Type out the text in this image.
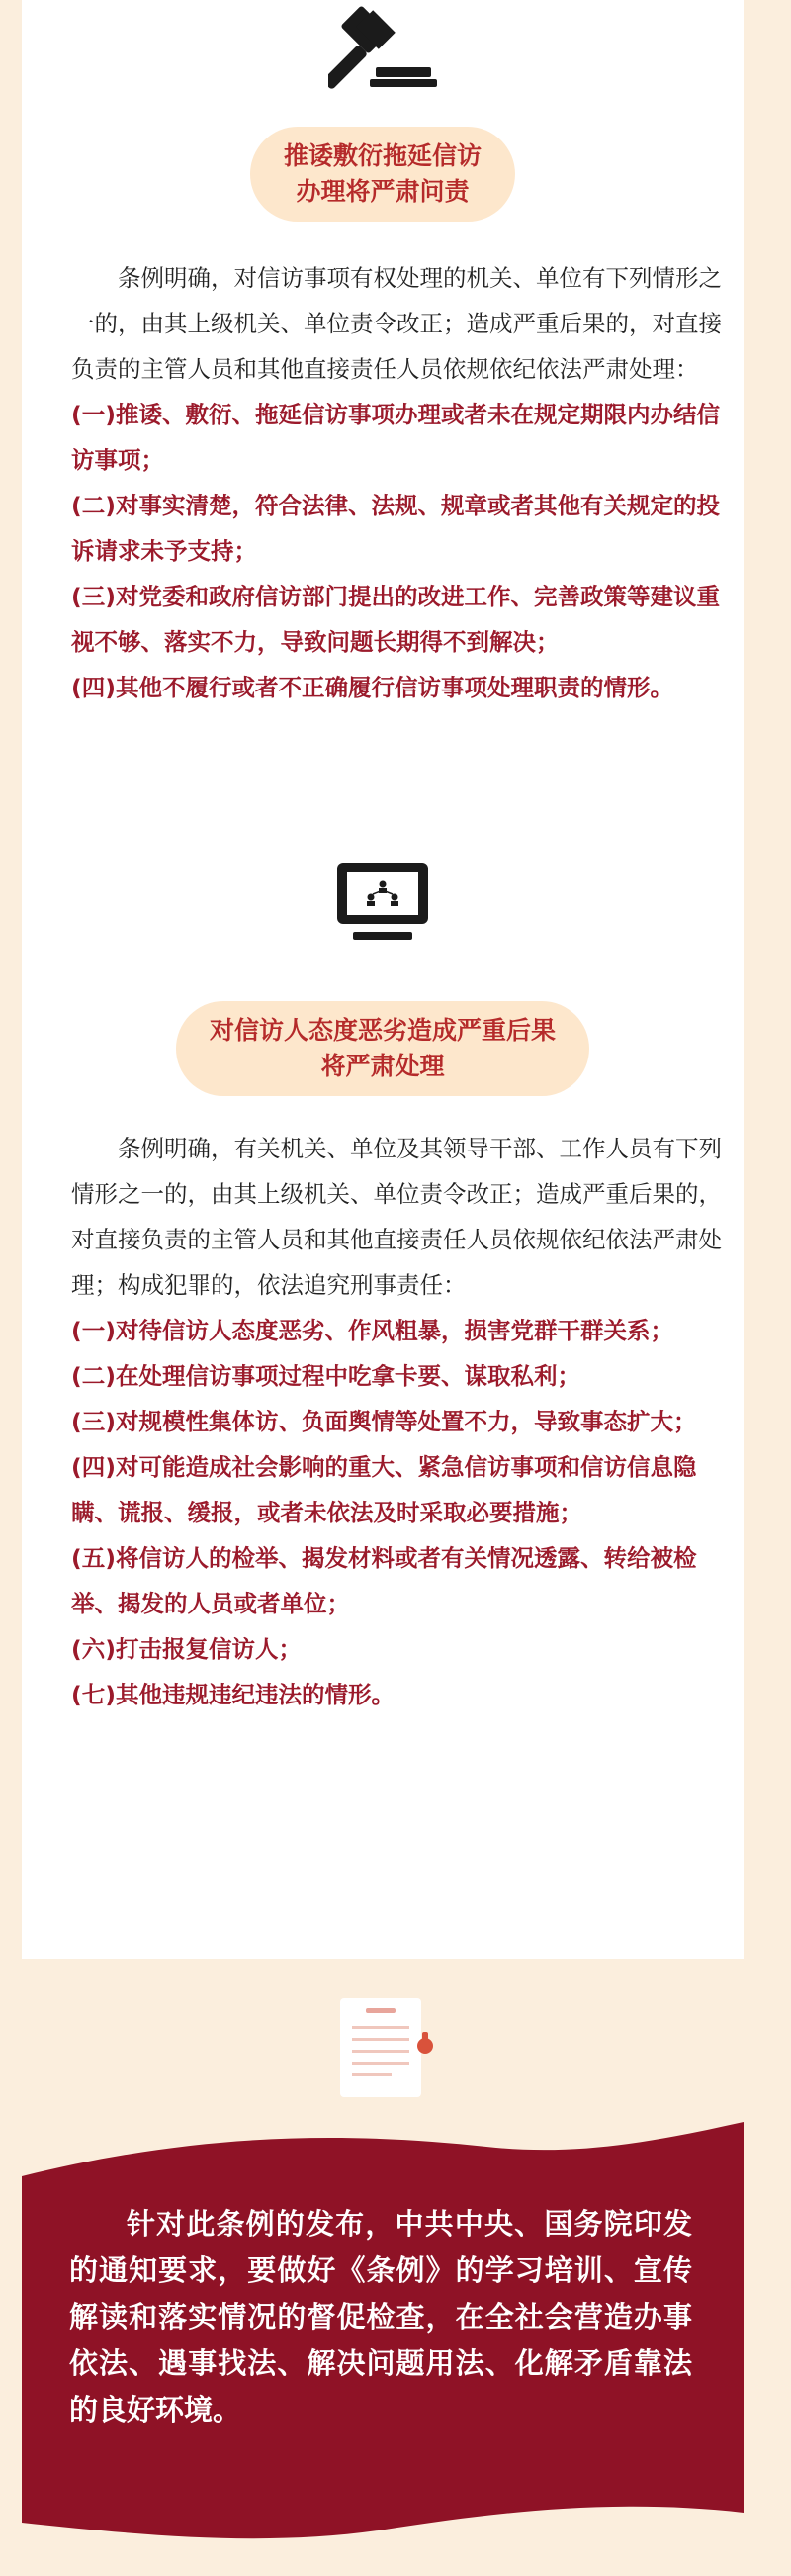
推诿敷衍拖延信访
办理将严肃问责

条例明确，对信访事项有权处理的机关、单位有下列情形之一的，由其上级机关、单位责令改正；造成严重后果的，对直接负责的主管人员和其他直接责任人员依规依纪依法严肃处理：

(一)推诿、敷衍、拖延信访事项办理或者未在规定期限内办结信访事项；

(二)对事实清楚，符合法律、法规、规章或者其他有关规定的投诉请求未予支持；

(三)对党委和政府信访部门提出的改进工作、完善政策等建议重视不够、落实不力，导致问题长期得不到解决；

(四)其他不履行或者不正确履行信访事项处理职责的情形。

对信访人态度恶劣造成严重后果
将严肃处理

条例明确，有关机关、单位及其领导干部、工作人员有下列情形之一的，由其上级机关、单位责令改正；造成严重后果的，对直接负责的主管人员和其他直接责任人员依规依纪依法严肃处理；构成犯罪的，依法追究刑事责任：

(一)对待信访人态度恶劣、作风粗暴，损害党群干群关系；

(二)在处理信访事项过程中吃拿卡要、谋取私利；

(三)对规模性集体访、负面舆情等处置不力，导致事态扩大；

(四)对可能造成社会影响的重大、紧急信访事项和信访信息隐瞒、谎报、缓报，或者未依法及时采取必要措施；

(五)将信访人的检举、揭发材料或者有关情况透露、转给被检举、揭发的人员或者单位；

(六)打击报复信访人；

(七)其他违规违纪违法的情形。

针对此条例的发布，中共中央、国务院印发的通知要求，要做好《条例》的学习培训、宣传解读和落实情况的督促检查，在全社会营造办事依法、遇事找法、解决问题用法、化解矛盾靠法的良好环境。
